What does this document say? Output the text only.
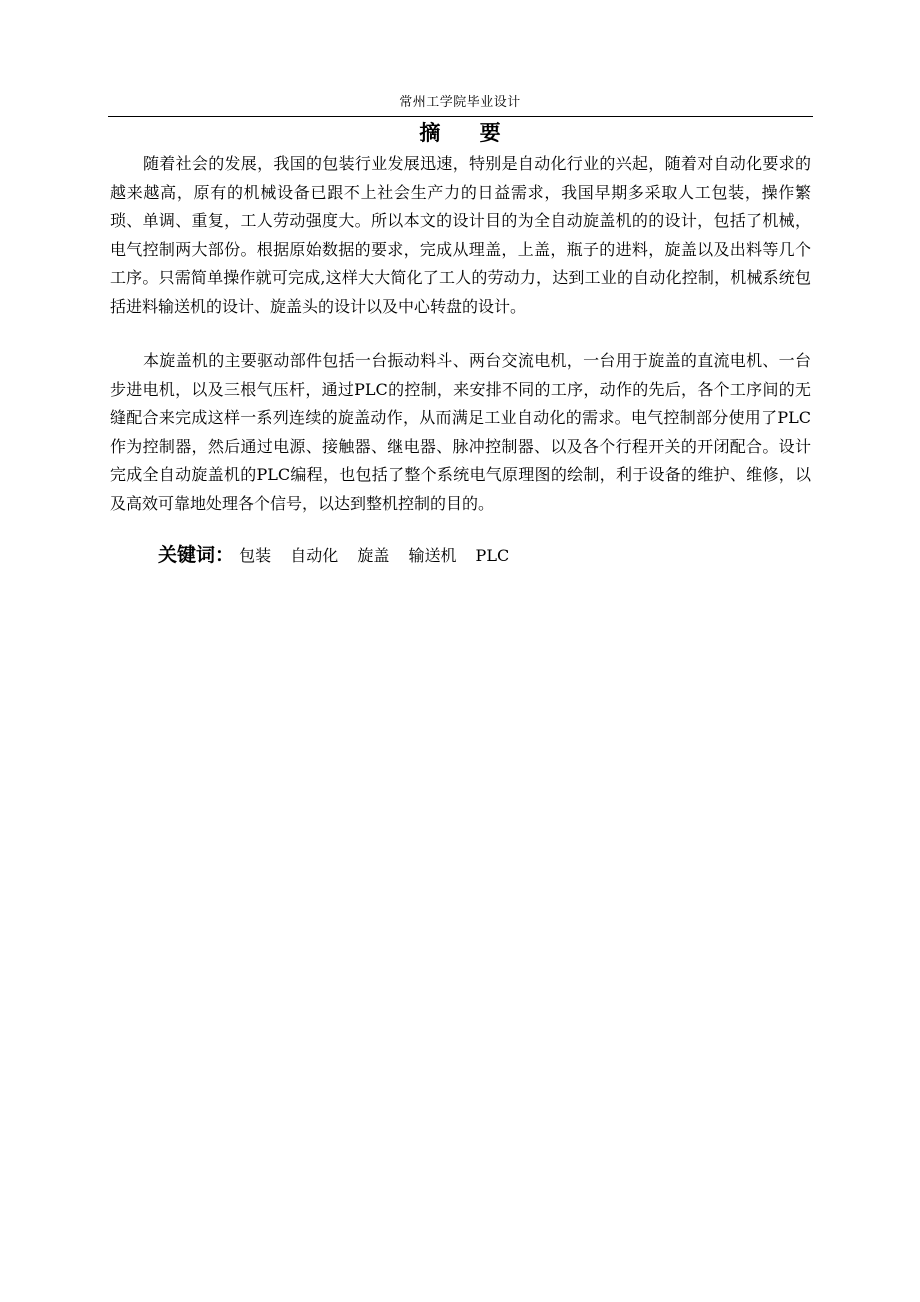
常州工学院毕业设计
摘 要

随着社会的发展，我国的包装行业发展迅速，特别是自动化行业的兴起，随着对自动化要求的越来越高，原有的机械设备已跟不上社会生产力的日益需求，我国早期多采取人工包装，操作繁琐、单调、重复，工人劳动强度大。所以本文的设计目的为全自动旋盖机的的设计，包括了机械，电气控制两大部份。根据原始数据的要求，完成从理盖，上盖，瓶子的进料，旋盖以及出料等几个工序。只需简单操作就可完成,这样大大简化了工人的劳动力，达到工业的自动化控制，机械系统包括进料输送机的设计、旋盖头的设计以及中心转盘的设计。

本旋盖机的主要驱动部件包括一台振动料斗、两台交流电机，一台用于旋盖的直流电机、一台步进电机，以及三根气压杆，通过PLC的控制，来安排不同的工序，动作的先后，各个工序间的无缝配合来完成这样一系列连续的旋盖动作，从而满足工业自动化的需求。电气控制部分使用了PLC作为控制器，然后通过电源、接触器、继电器、脉冲控制器、以及各个行程开关的开闭配合。设计完成全自动旋盖机的PLC编程，也包括了整个系统电气原理图的绘制，利于设备的维护、维修，以及高效可靠地处理各个信号，以达到整机控制的目的。

关键词： 包装 自动化 旋盖 输送机 PLC
